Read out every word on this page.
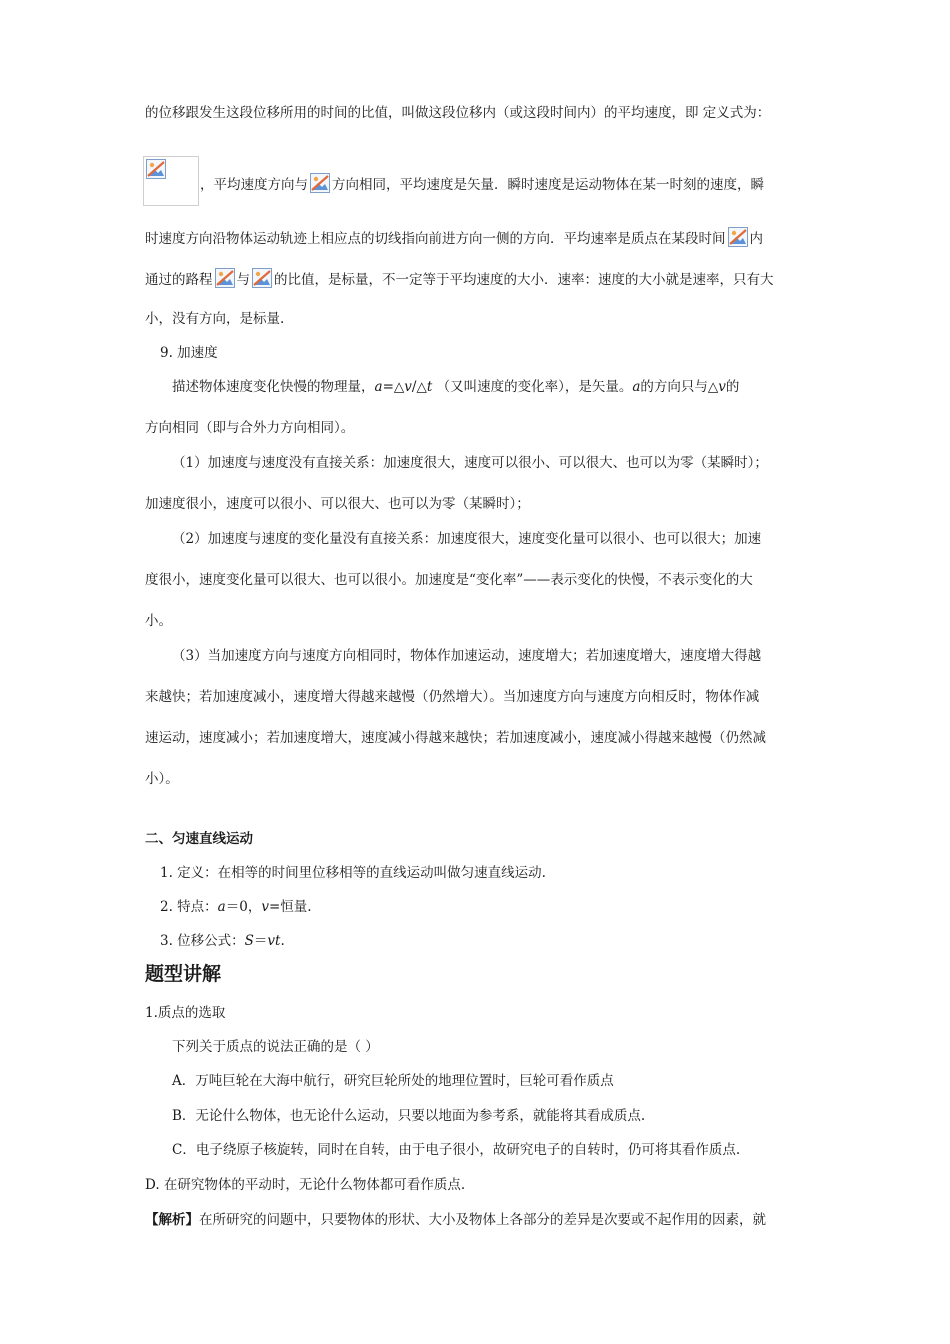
的位移跟发生这段位移所用的时间的比值，叫做这段位移内（或这段时间内）的平均速度，即 定义式为：
，平均速度方向与 方向相同，平均速度是矢量．瞬时速度是运动物体在某一时刻的速度，瞬
时速度方向沿物体运动轨迹上相应点的切线指向前进方向一侧的方向．平均速率是质点在某段时间 内
通过的路程 与 的比值，是标量，不一定等于平均速度的大小．速率：速度的大小就是速率，只有大
小，没有方向，是标量.
9. 加速度
描述物体速度变化快慢的物理量，a=△v/△t （又叫速度的变化率），是矢量。a的方向只与△v的
方向相同（即与合外力方向相同）。
（1）加速度与速度没有直接关系：加速度很大，速度可以很小、可以很大、也可以为零（某瞬时）；
加速度很小，速度可以很小、可以很大、也可以为零（某瞬时）；
（2）加速度与速度的变化量没有直接关系：加速度很大，速度变化量可以很小、也可以很大；加速
度很小，速度变化量可以很大、也可以很小。加速度是“变化率”——表示变化的快慢，不表示变化的大
小。
（3）当加速度方向与速度方向相同时，物体作加速运动，速度增大；若加速度增大，速度增大得越
来越快；若加速度减小，速度增大得越来越慢（仍然增大）。当加速度方向与速度方向相反时，物体作减
速运动，速度减小；若加速度增大，速度减小得越来越快；若加速度减小，速度减小得越来越慢（仍然减
小）。
二、匀速直线运动
1. 定义：在相等的时间里位移相等的直线运动叫做匀速直线运动.
2. 特点：a＝0，v=恒量.
3. 位移公式：S＝vt.
题型讲解
1.质点的选取
下列关于质点的说法正确的是（ ）
A．万吨巨轮在大海中航行，研究巨轮所处的地理位置时，巨轮可看作质点
B．无论什么物体，也无论什么运动，只要以地面为参考系，就能将其看成质点.
C．电子绕原子核旋转，同时在自转，由于电子很小，故研究电子的自转时，仍可将其看作质点.
D. 在研究物体的平动时，无论什么物体都可看作质点.
【解析】在所研究的问题中，只要物体的形状、大小及物体上各部分的差异是次要或不起作用的因素，就
